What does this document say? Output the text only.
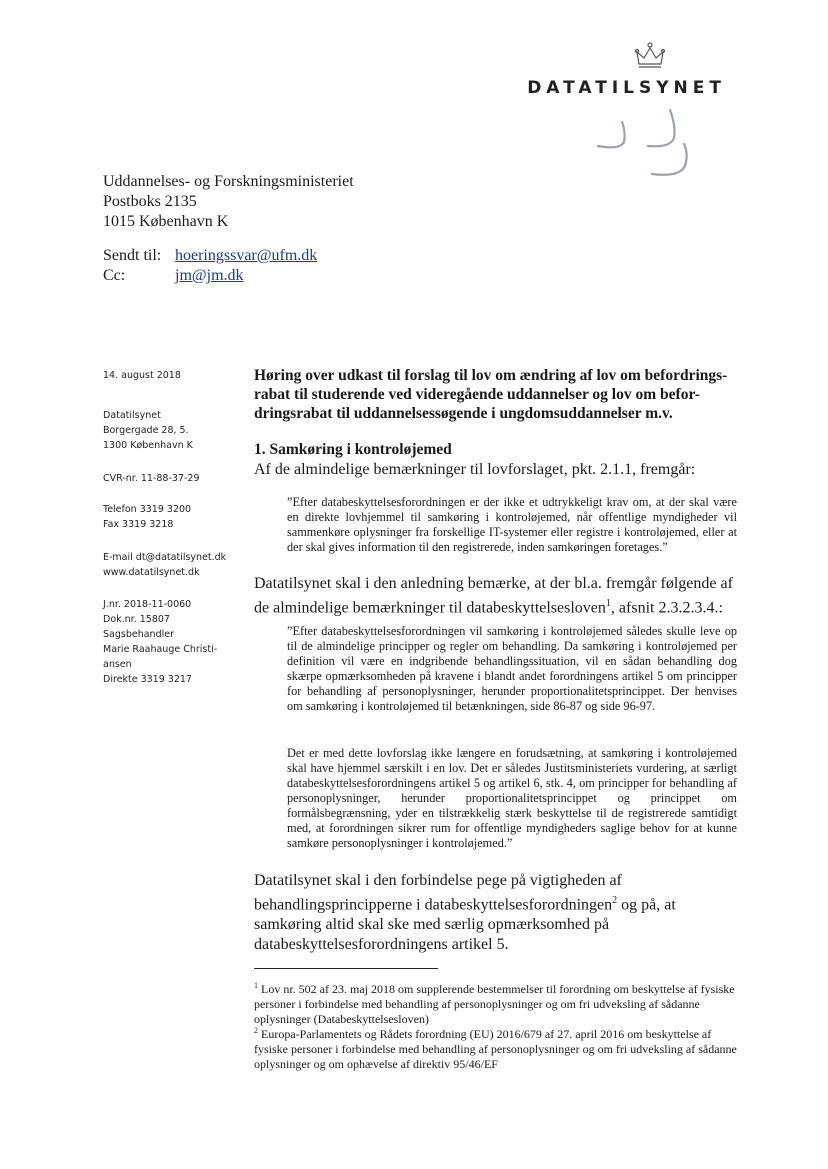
DATATILSYNET
Uddannelses- og Forskningsministeriet
Postboks 2135
1015 København K
Sendt til: hoeringssvar@ufm.dk
Cc:	jm@jm.dk
14. august 2018
Datatilsynet
Borgergade 28, 5.
1300 København K
CVR-nr. 11-88-37-29
Telefon 3319 3200
Fax 3319 3218
E-mail dt@datatilsynet.dk
www.datatilsynet.dk
J.nr. 2018-11-0060
Dok.nr. 15807
Sagsbehandler
Marie Raahauge Christi-
ansen
Direkte 3319 3217
Høring over udkast til forslag til lov om ændring af lov om befordrings-
rabat til studerende ved videregående uddannelser og lov om befor-
dringsrabat til uddannelsessøgende i ungdomsuddannelser m.v.
1. Samkøring i kontroløjemed
Af de almindelige bemærkninger til lovforslaget, pkt. 2.1.1, fremgår:
”Efter databeskyttelsesforordningen er der ikke et udtrykkeligt krav om, at der skal være en direkte lovhjemmel til samkøring i kontroløjemed, når offentlige myndigheder vil sammenkøre oplysninger fra forskellige IT-systemer eller registre i kontroløjemed, eller at der skal gives information til den registrerede, inden samkøringen foretages.”
Datatilsynet skal i den anledning bemærke, at der bl.a. fremgår følgende af de almindelige bemærkninger til databeskyttelsesloven$^1$, afsnit 2.3.2.3.4.:
”Efter databeskyttelsesforordningen vil samkøring i kontroløjemed således skulle leve op til de almindelige principper og regler om behandling. Da samkøring i kontroløjemed per definition vil være en indgribende behandlingssituation, vil en sådan behandling dog skærpe opmærksomheden på kravene i blandt andet forordningens artikel 5 om principper for behandling af personoplysninger, herunder proportionalitetsprincippet. Der henvises om samkøring i kontroløjemed til betænkningen, side 86-87 og side 96-97.
Det er med dette lovforslag ikke længere en forudsætning, at samkøring i kontroløjemed skal have hjemmel særskilt i en lov. Det er således Justitsministeriets vurdering, at særligt databeskyttelsesforordningens artikel 5 og artikel 6, stk. 4, om principper for behandling af personoplysninger, herunder proportionalitetsprincippet og princippet om formålsbegrænsning, yder en tilstrækkelig stærk beskyttelse til de registrerede samtidigt med, at forordningen sikrer rum for offentlige myndigheders saglige behov for at kunne samkøre personoplysninger i kontroløjemed.”
Datatilsynet skal i den forbindelse pege på vigtigheden af behandlingsprincipperne i databeskyttelsesforordningen$^2$ og på, at samkøring altid skal ske med særlig opmærksomhed på databeskyttelsesforordningens artikel 5.
$^1$ Lov nr. 502 af 23. maj 2018 om supplerende bestemmelser til forordning om beskyttelse af fysiske personer i forbindelse med behandling af personoplysninger og om fri udveksling af sådanne oplysninger (Databeskyttelsesloven)
$^2$ Europa-Parlamentets og Rådets forordning (EU) 2016/679 af 27. april 2016 om beskyttelse af fysiske personer i forbindelse med behandling af personoplysninger og om fri udveksling af sådanne oplysninger og om ophævelse af direktiv 95/46/EF
